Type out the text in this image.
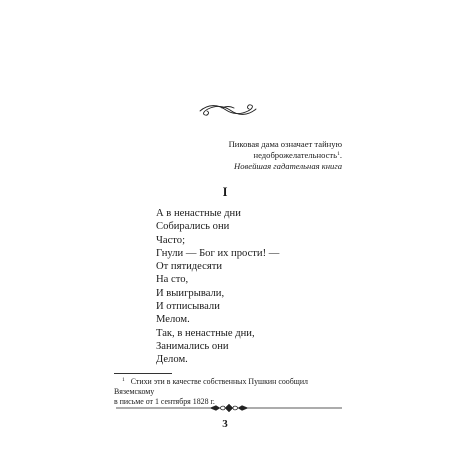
Пиковая дама означает тайную
недоброжелательность$^1$.
Новейшая гадательная книга
I
А в ненастные дни
Собирались они
Часто;
Гнули — Бог их прости! —
От пятидесяти
На сто,
И выигрывали,
И отписывали
Мелом.
Так, в ненастные дни,
Занимались они
Делом.
$^1$ Стихи эти в качестве собственных Пушкин сообщил Вяземскому
в письме от 1 сентября 1828 г.
3
